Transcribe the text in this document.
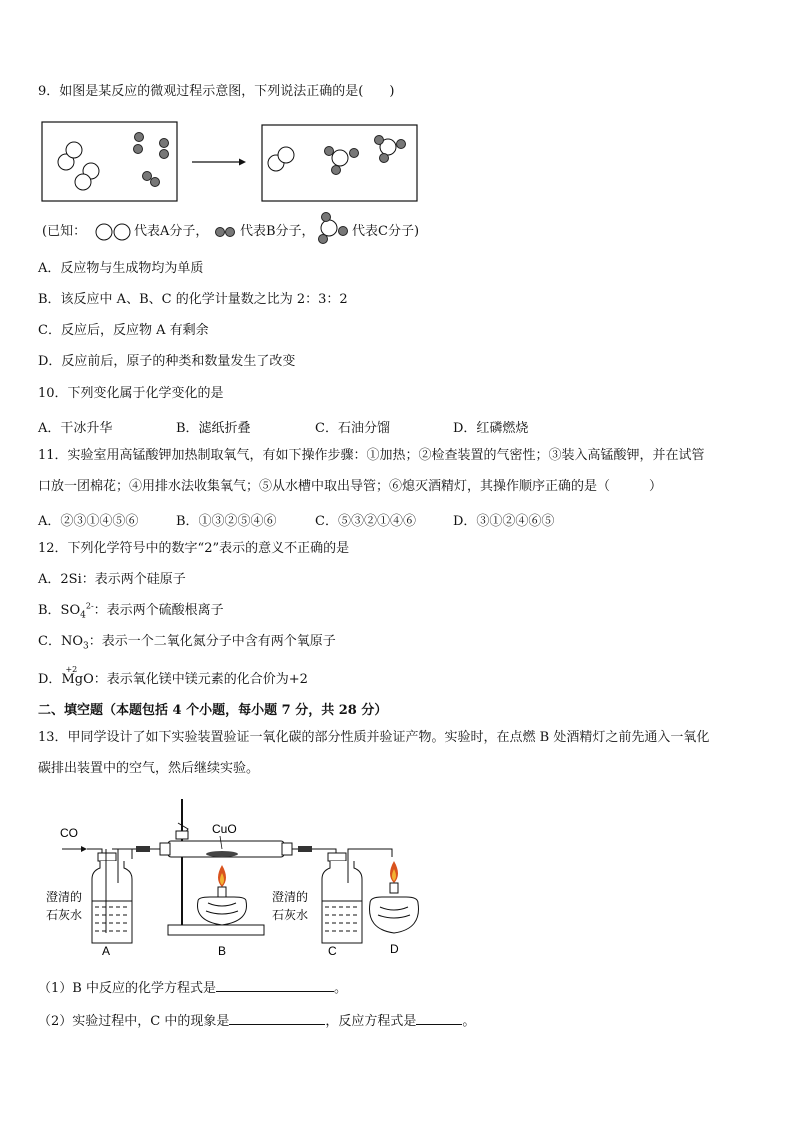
9．如图是某反应的微观过程示意图，下列说法正确的是(　　)
(已知：	代表A分子， 代表B分子，	代表C分子)
A．反应物与生成物均为单质
B．该反应中 A、B、C 的化学计量数之比为 2：3：2
C．反应后，反应物 A 有剩余
D．反应前后，原子的种类和数量发生了改变
10．下列变化属于化学变化的是
A．干冰升华	B．滤纸折叠	C．石油分馏	D．红磷燃烧
11．实验室用高锰酸钾加热制取氧气，有如下操作步骤：①加热；②检查装置的气密性；③装入高锰酸钾，并在试管
口放一团棉花；④用排水法收集氧气；⑤从水槽中取出导管；⑥熄灭酒精灯，其操作顺序正确的是（　　　）
A．②③①④⑤⑥	B．①③②⑤④⑥	C．⑤③②①④⑥	D．③①②④⑥⑤
12．下列化学符号中的数字“2”表示的意义不正确的是
A．2Si：表示两个硅原子
B．$SO_4^{2-}$：表示两个硫酸根离子
C．$NO_3$：表示一个二氧化氮分子中含有两个氧原子
D．
+2
MgO：表示氧化镁中镁元素的化合价为+2
二、填空题（本题包括 4 个小题，每小题 7 分，共 28 分）
13．甲同学设计了如下实验装置验证一氧化碳的部分性质并验证产物。实验时，在点燃 B 处酒精灯之前先通入一氧化
碳排出装置中的空气，然后继续实验。
CO
澄清的
石灰水
A
CuO
B
澄清的
石灰水
C	D
（1）B 中反应的化学方程式是	。
（2）实验过程中，C 中的现象是	，反应方程式是	。
